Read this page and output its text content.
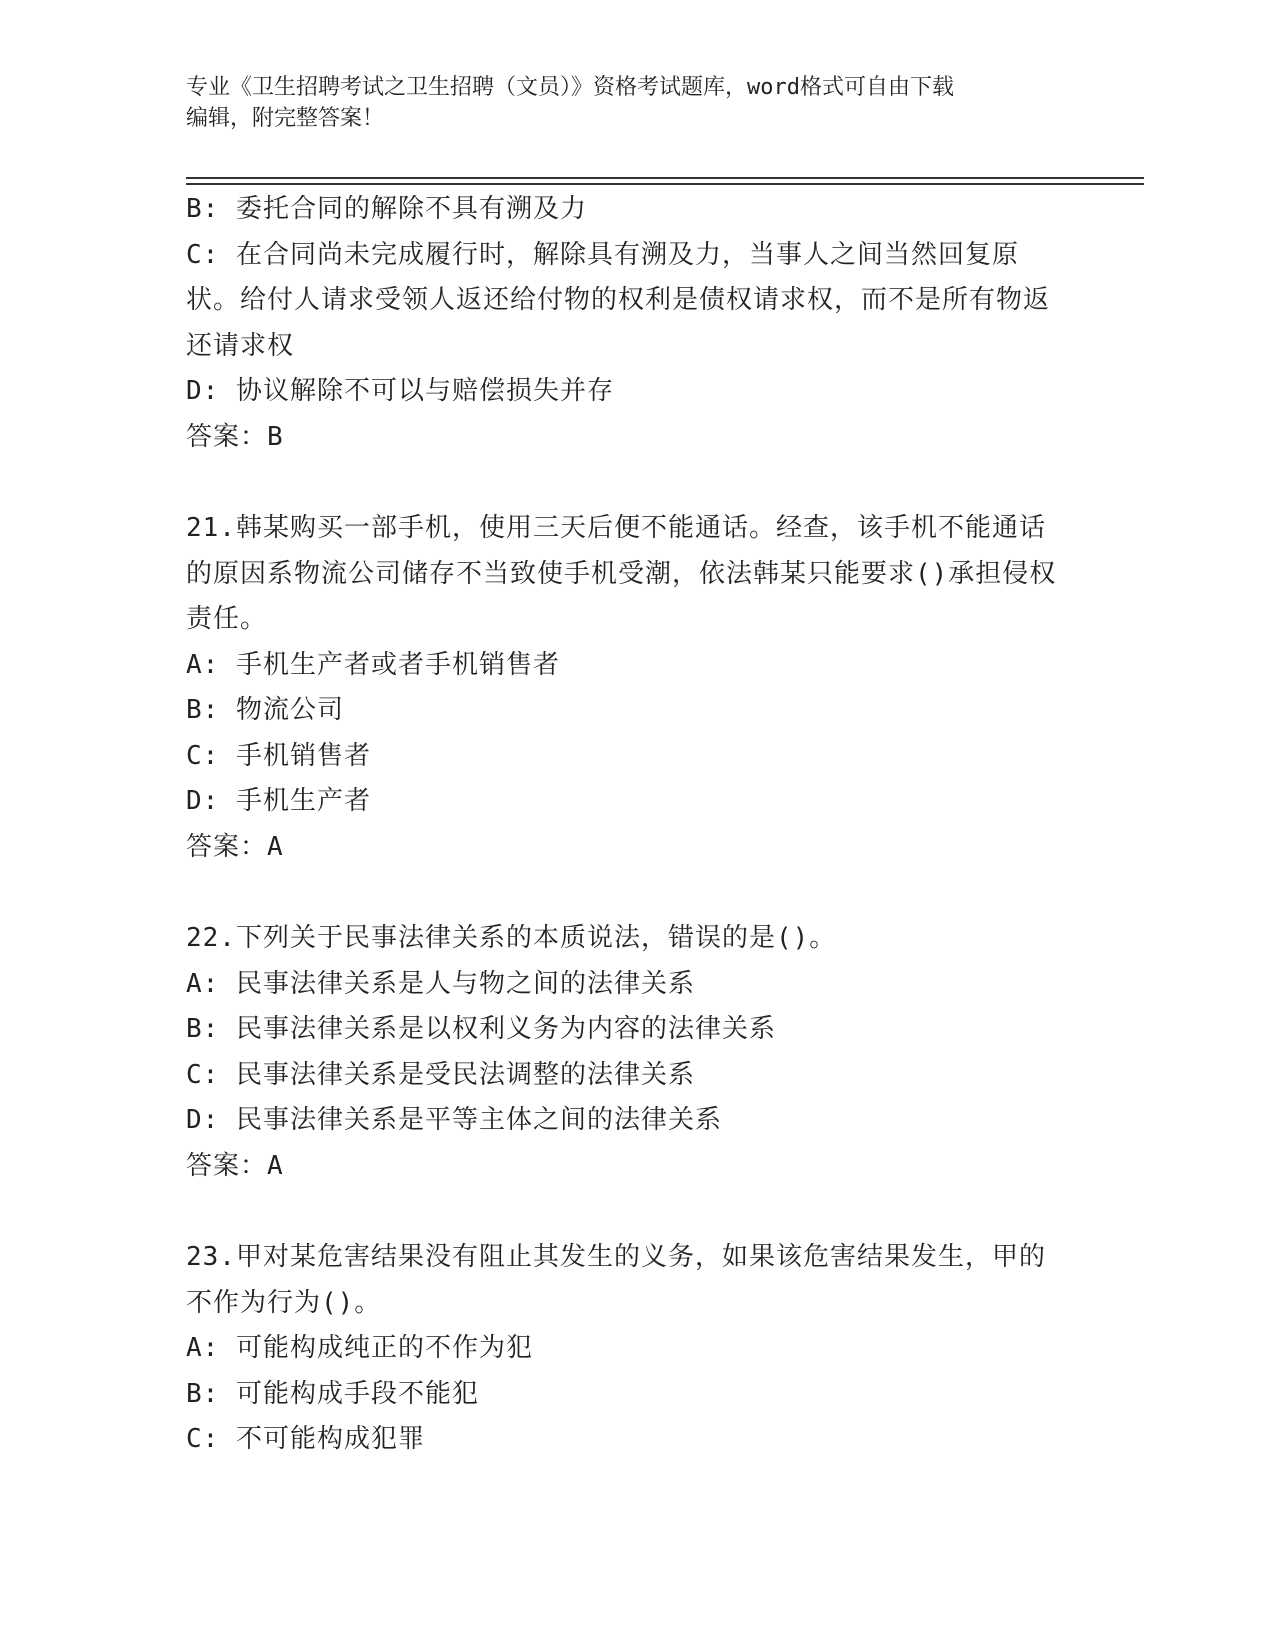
专业《卫生招聘考试之卫生招聘（文员）》资格考试题库，word格式可自由下载
编辑，附完整答案！

B: 委托合同的解除不具有溯及力

C: 在合同尚未完成履行时，解除具有溯及力，当事人之间当然回复原状。给付人请求受领人返还给付物的权利是债权请求权，而不是所有物返还请求权

D: 协议解除不可以与赔偿损失并存

答案：B

21.韩某购买一部手机，使用三天后便不能通话。经查，该手机不能通话的原因系物流公司储存不当致使手机受潮，依法韩某只能要求()承担侵权责任。

A: 手机生产者或者手机销售者

B: 物流公司

C: 手机销售者

D: 手机生产者

答案：A

22.下列关于民事法律关系的本质说法，错误的是()。

A: 民事法律关系是人与物之间的法律关系

B: 民事法律关系是以权利义务为内容的法律关系

C: 民事法律关系是受民法调整的法律关系

D: 民事法律关系是平等主体之间的法律关系

答案：A

23.甲对某危害结果没有阻止其发生的义务，如果该危害结果发生，甲的不作为行为()。

A: 可能构成纯正的不作为犯

B: 可能构成手段不能犯

C: 不可能构成犯罪
